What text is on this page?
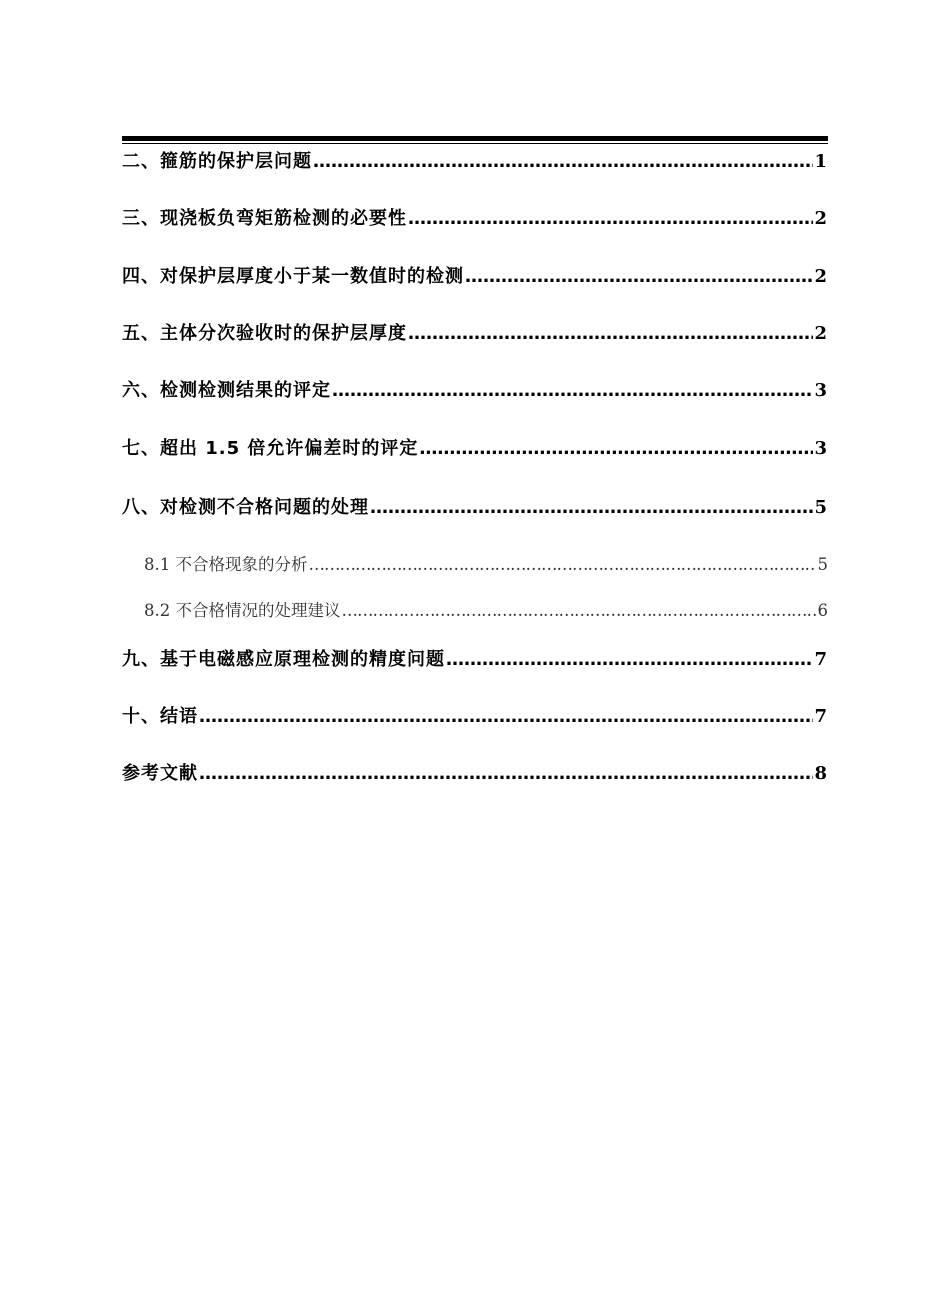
二、箍筋的保护层问题 …………………………………………………………………………………………………………………………………………………………………………………………………………………………	1
三、现浇板负弯矩筋检测的必要性 …………………………………………………………………………………………………………………………………………………………………………………………………………………………	2
四、对保护层厚度小于某一数值时的检测 …………………………………………………………………………………………………………………………………………………………………………………………………………………………	2
五、主体分次验收时的保护层厚度 …………………………………………………………………………………………………………………………………………………………………………………………………………………………	2
六、检测检测结果的评定 …………………………………………………………………………………………………………………………………………………………………………………………………………………………	3
七、超出 1.5 倍允许偏差时的评定 …………………………………………………………………………………………………………………………………………………………………………………………………………………………	3
八、对检测不合格问题的处理 …………………………………………………………………………………………………………………………………………………………………………………………………………………………	5
8.1 不合格现象的分析 …………………………………………………………………………………………………………………………………………………………………………………………………………………………	5
8.2 不合格情况的处理建议 …………………………………………………………………………………………………………………………………………………………………………………………………………………………	6
九、基于电磁感应原理检测的精度问题 …………………………………………………………………………………………………………………………………………………………………………………………………………………………	7
十、结语 …………………………………………………………………………………………………………………………………………………………………………………………………………………………	7
参考文献 …………………………………………………………………………………………………………………………………………………………………………………………………………………………	8
